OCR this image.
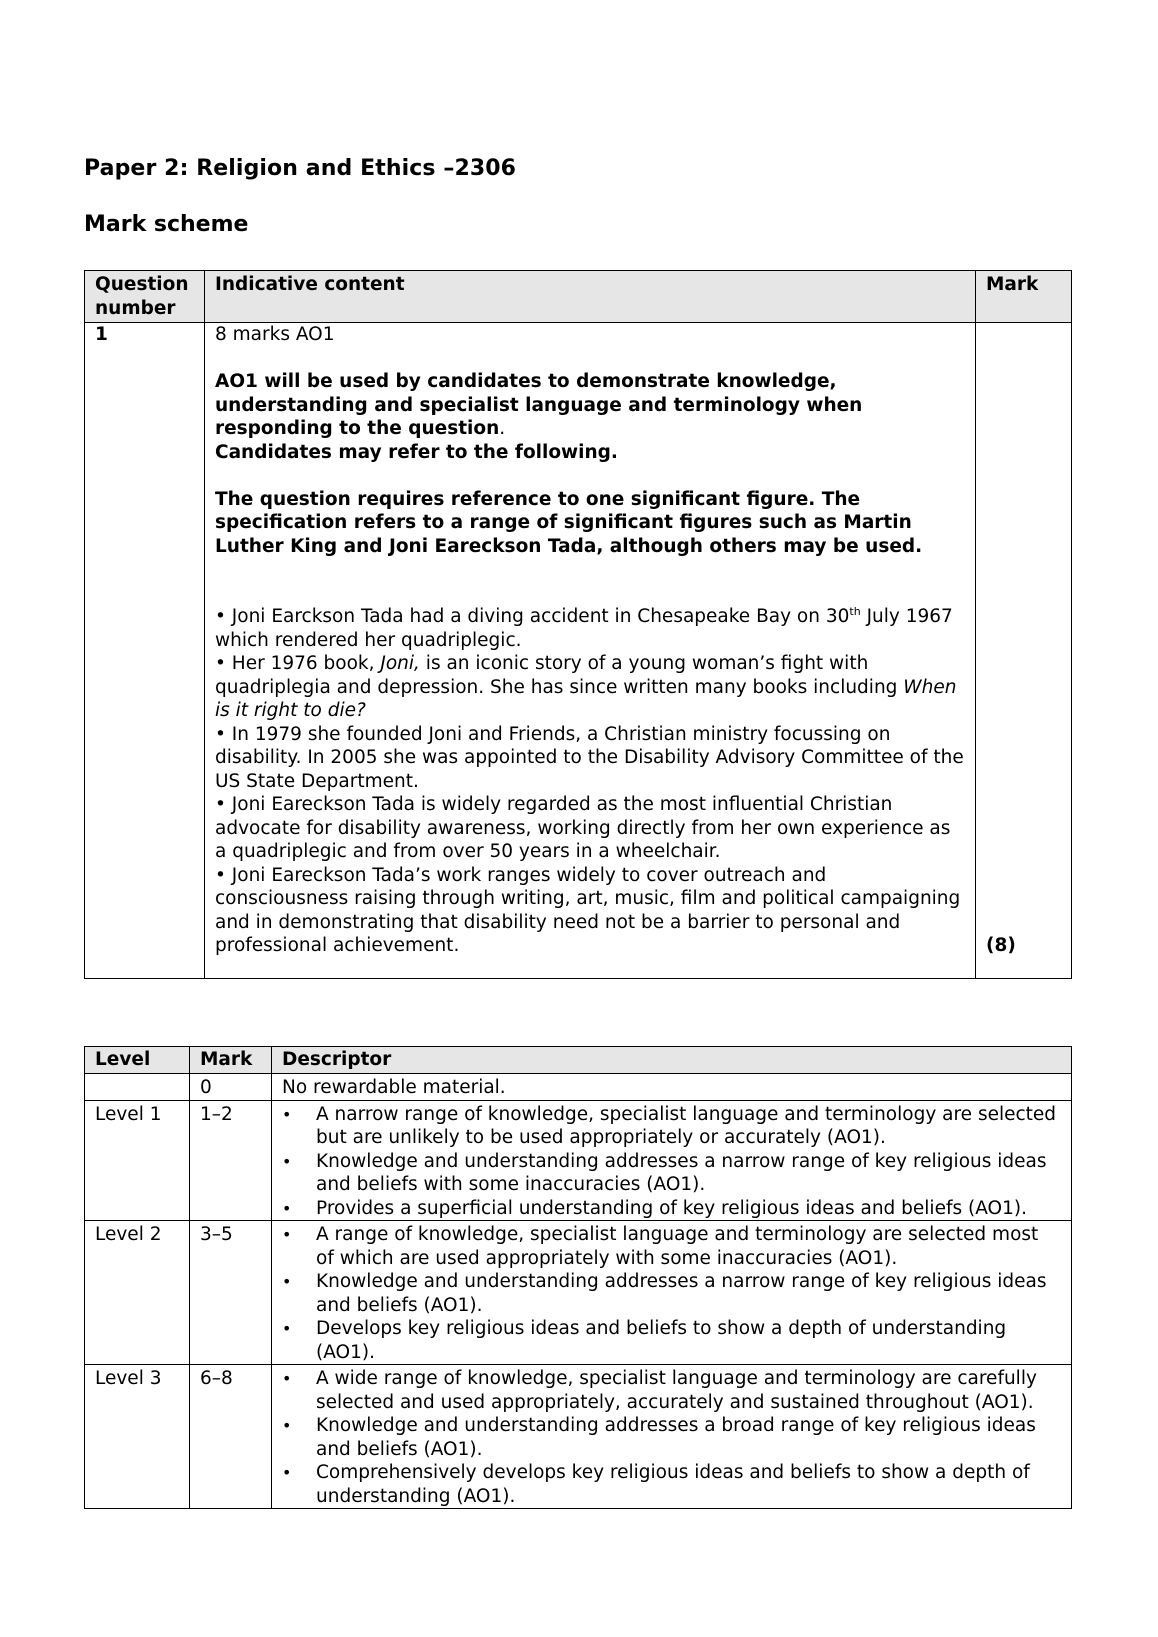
Paper 2: Religion and Ethics –2306
Mark scheme
Question number	Indicative content	Mark
1	8 marks AO1

AO1 will be used by candidates to demonstrate knowledge, understanding and specialist language and terminology when responding to the question.

Candidates may refer to the following.

The question requires reference to one significant figure. The specification refers to a range of significant figures such as Martin Luther King and Joni Eareckson Tada, although others may be used.

• Joni Earckson Tada had a diving accident in Chesapeake Bay on 30th July 1967 which rendered her quadriplegic.

• Her 1976 book, Joni, is an iconic story of a young woman’s fight with quadriplegia and depression. She has since written many books including When is it right to die?

• In 1979 she founded Joni and Friends, a Christian ministry focussing on disability. In 2005 she was appointed to the Disability Advisory Committee of the US State Department.

• Joni Eareckson Tada is widely regarded as the most influential Christian advocate for disability awareness, working directly from her own experience as a quadriplegic and from over 50 years in a wheelchair.

• Joni Eareckson Tada’s work ranges widely to cover outreach and consciousness raising through writing, art, music, film and political campaigning and in demonstrating that disability need not be a barrier to personal and professional achievement.	(8)
Level	Mark	Descriptor
	0	No rewardable material.
Level 1	1–2	
•A narrow range of knowledge, specialist language and terminology are selected but are unlikely to be used appropriately or accurately (AO1).
• Knowledge and understanding addresses a narrow range of key religious ideas and beliefs with some inaccuracies (AO1).
• Provides a superficial understanding of key religious ideas and beliefs (AO1).

Level 2	3–5	
•A range of knowledge, specialist language and terminology are selected most of which are used appropriately with some inaccuracies (AO1).
• Knowledge and understanding addresses a narrow range of key religious ideas and beliefs (AO1).
• Develops key religious ideas and beliefs to show a depth of understanding (AO1).

Level 3	6–8	
•A wide range of knowledge, specialist language and terminology are carefully selected and used appropriately, accurately and sustained throughout (AO1).
• Knowledge and understanding addresses a broad range of key religious ideas and beliefs (AO1).
• Comprehensively develops key religious ideas and beliefs to show a depth of understanding (AO1).
